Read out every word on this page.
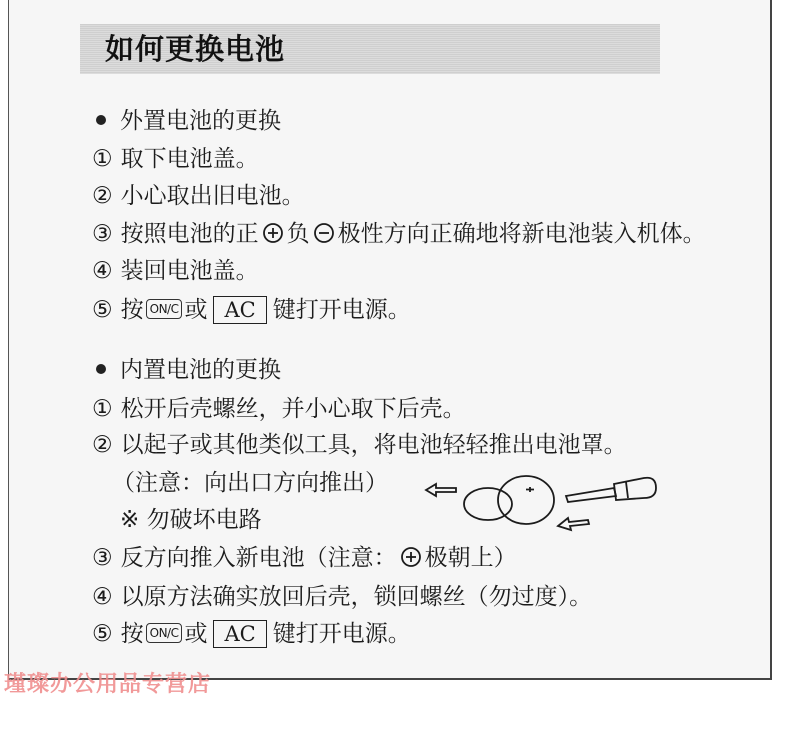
如何更换电池
外置电池的更换
① 取下电池盖。
② 小心取出旧电池。
③ 按照电池的正 负 极性方向正确地将新电池装入机体。
④ 装回电池盖。
⑤ 按 ON/C 或 AC 键打开电源。
内置电池的更换
① 松开后壳螺丝，并小心取下后壳。
② 以起子或其他类似工具，将电池轻轻推出电池罩。
（注意：向出口方向推出）
※ 勿破坏电路
③ 反方向推入新电池（注意： 极朝上）
④ 以原方法确实放回后壳，锁回螺丝（勿过度）。
⑤ 按 ON/C 或 AC 键打开电源。
瑾璨办公用品专营店
